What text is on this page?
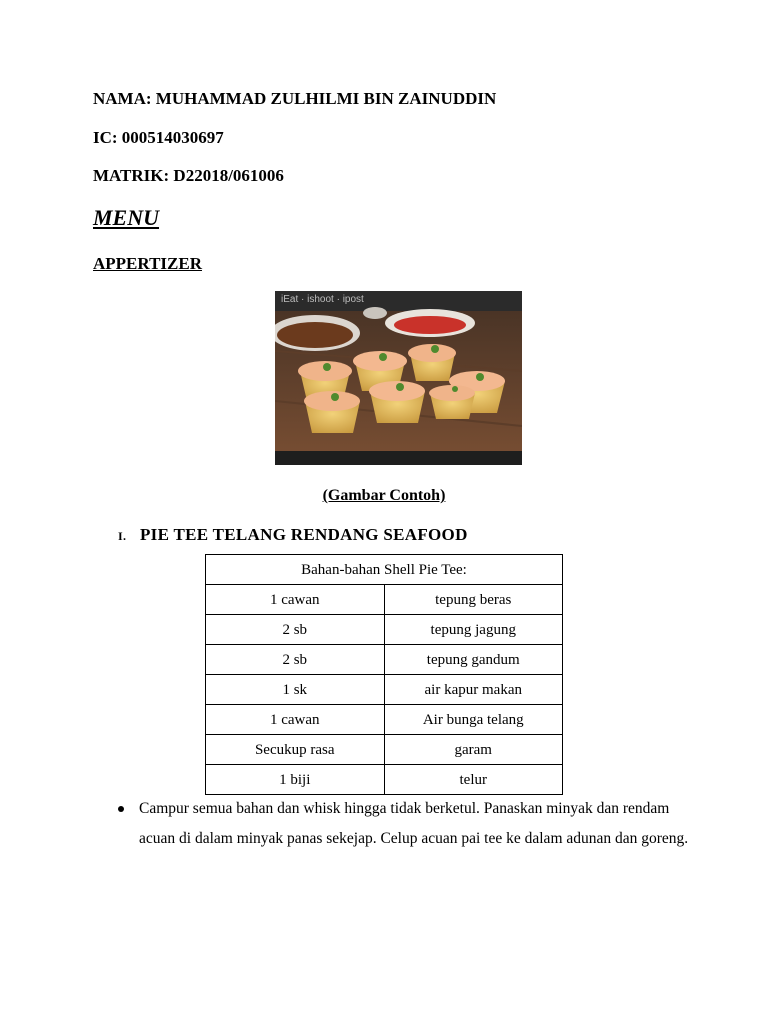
NAMA: MUHAMMAD ZULHILMI BIN ZAINUDDIN
IC: 000514030697
MATRIK: D22018/061006
MENU
APPERTIZER
iEat · ishoot · ipost
(Gambar Contoh)
I. PIE TEE TELANG RENDANG SEAFOOD
Bahan-bahan Shell Pie Tee:	
1 cawan	tepung beras
2 sb	tepung jagung
2 sb	tepung gandum
1 sk	air kapur makan
1 cawan	Air bunga telang
Secukup rasa	garam
1 biji	telur
Campur semua bahan dan whisk hingga tidak berketul. Panaskan minyak dan rendam acuan di dalam minyak panas sekejap. Celup acuan pai tee ke dalam adunan dan goreng.
